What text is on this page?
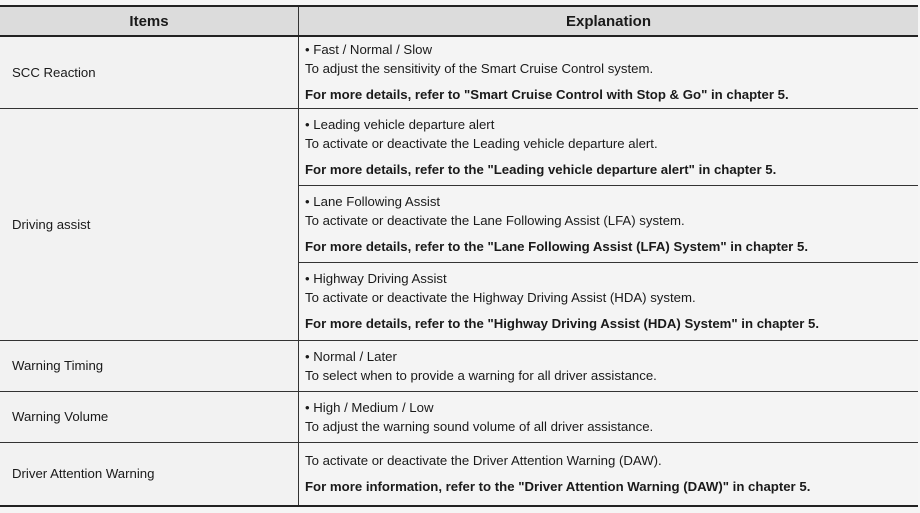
Items	Explanation
SCC Reaction	• Fast / Normal / Slow
To adjust the sensitivity of the Smart Cruise Control system.
For more details, refer to "Smart Cruise Control with Stop & Go" in chapter 5.

Driving assist	• Leading vehicle departure alert
To activate or deactivate the Leading vehicle departure alert.
For more details, refer to the "Leading vehicle departure alert" in chapter 5.

	• Lane Following Assist
To activate or deactivate the Lane Following Assist (LFA) system.
For more details, refer to the "Lane Following Assist (LFA) System" in chapter 5.

	• Highway Driving Assist
To activate or deactivate the Highway Driving Assist (HDA) system.
For more details, refer to the "Highway Driving Assist (HDA) System" in chapter 5.

Warning Timing	• Normal / Later
To select when to provide a warning for all driver assistance.

Warning Volume	• High / Medium / Low
To adjust the warning sound volume of all driver assistance.

Driver Attention Warning	To activate or deactivate the Driver Attention Warning (DAW).
For more information, refer to the "Driver Attention Warning (DAW)" in chapter 5.
